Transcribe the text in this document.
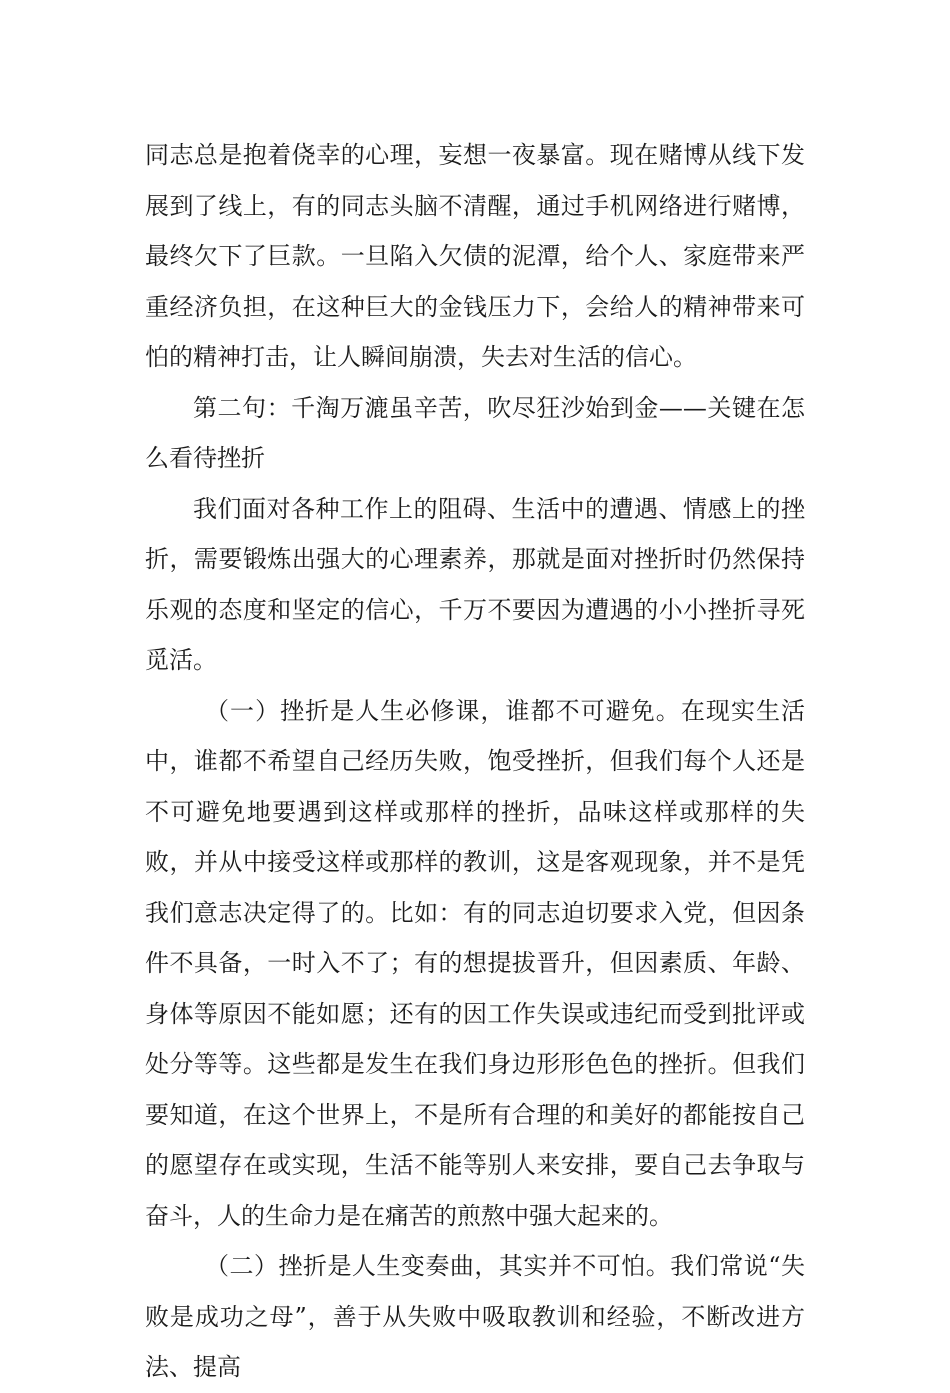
同志总是抱着侥幸的心理，妄想一夜暴富。现在赌博从线下发展到了线上，有的同志头脑不清醒，通过手机网络进行赌博，最终欠下了巨款。一旦陷入欠债的泥潭，给个人、家庭带来严重经济负担，在这种巨大的金钱压力下，会给人的精神带来可怕的精神打击，让人瞬间崩溃，失去对生活的信心。

第二句：千淘万漉虽辛苦，吹尽狂沙始到金——关键在怎么看待挫折

我们面对各种工作上的阻碍、生活中的遭遇、情感上的挫折，需要锻炼出强大的心理素养，那就是面对挫折时仍然保持乐观的态度和坚定的信心，千万不要因为遭遇的小小挫折寻死觅活。

（一）挫折是人生必修课，谁都不可避免。在现实生活中，谁都不希望自己经历失败，饱受挫折，但我们每个人还是不可避免地要遇到这样或那样的挫折，品味这样或那样的失败，并从中接受这样或那样的教训，这是客观现象，并不是凭我们意志决定得了的。比如：有的同志迫切要求入党，但因条件不具备，一时入不了；有的想提拔晋升，但因素质、年龄、身体等原因不能如愿；还有的因工作失误或违纪而受到批评或处分等等。这些都是发生在我们身边形形色色的挫折。但我们要知道，在这个世界上，不是所有合理的和美好的都能按自己的愿望存在或实现，生活不能等别人来安排，要自己去争取与奋斗，人的生命力是在痛苦的煎熬中强大起来的。

（二）挫折是人生变奏曲，其实并不可怕。我们常说“失败是成功之母”，善于从失败中吸取教训和经验，不断改进方法、提高
